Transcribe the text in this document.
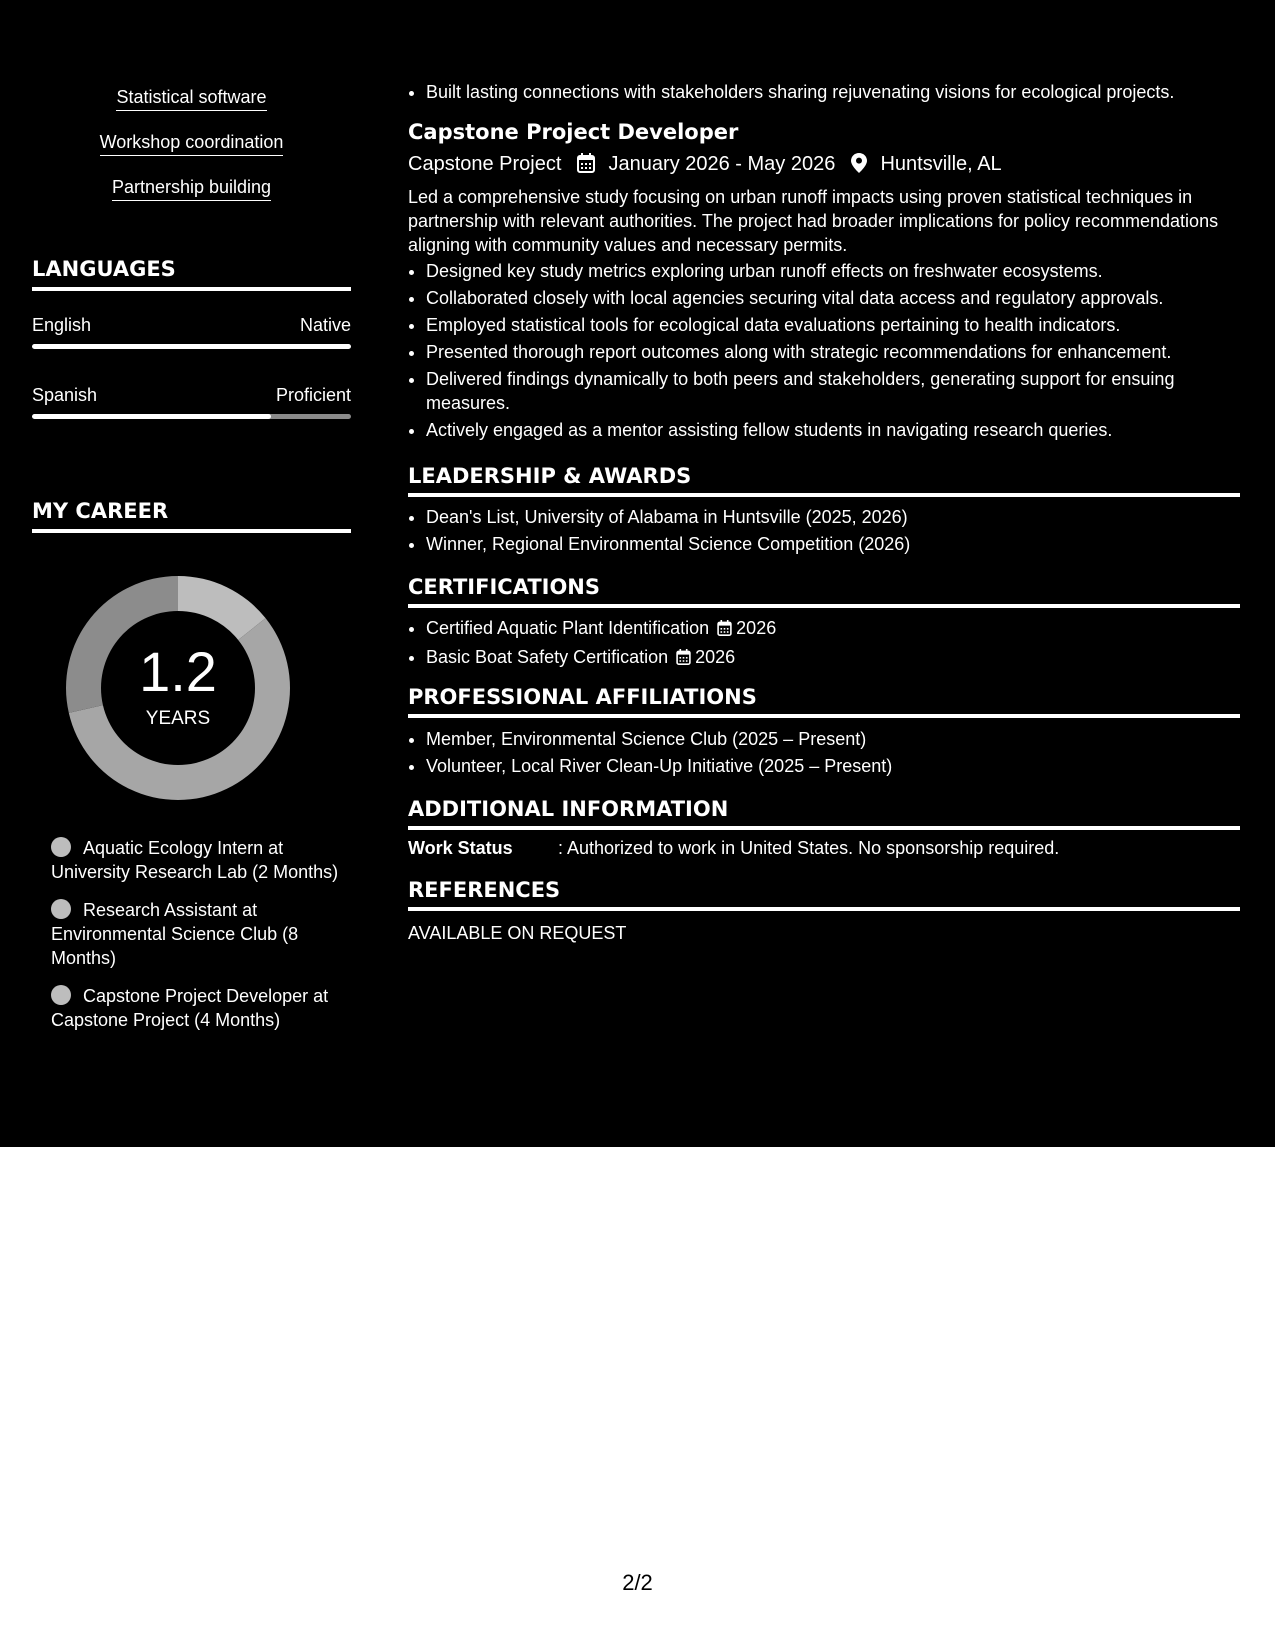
Statistical software
Workshop coordination
Partnership building
LANGUAGES
English	Native
Spanish	Proficient
MY CAREER
1.2
YEARS
Aquatic Ecology Intern at University Research Lab (2 Months)
Research Assistant at Environmental Science Club (8 Months)
Capstone Project Developer at Capstone Project (4 Months)
• Built lasting connections with stakeholders sharing rejuvenating visions for ecological projects.
Capstone Project Developer
Capstone Project January 2026 - May 2026 Huntsville, AL
Led a comprehensive study focusing on urban runoff impacts using proven statistical techniques in partnership with relevant authorities. The project had broader implications for policy recommendations aligning with community values and necessary permits.
• Designed key study metrics exploring urban runoff effects on freshwater ecosystems.
• Collaborated closely with local agencies securing vital data access and regulatory approvals.
• Employed statistical tools for ecological data evaluations pertaining to health indicators.
• Presented thorough report outcomes along with strategic recommendations for enhancement.
• Delivered findings dynamically to both peers and stakeholders, generating support for ensuing measures.
• Actively engaged as a mentor assisting fellow students in navigating research queries.
LEADERSHIP & AWARDS
• Dean's List, University of Alabama in Huntsville (2025, 2026)
• Winner, Regional Environmental Science Competition (2026)
CERTIFICATIONS
• Certified Aquatic Plant Identification 2026
• Basic Boat Safety Certification 2026
PROFESSIONAL AFFILIATIONS
• Member, Environmental Science Club (2025 – Present)
• Volunteer, Local River Clean-Up Initiative (2025 – Present)
ADDITIONAL INFORMATION
Work Status	: Authorized to work in United States. No sponsorship required.
REFERENCES
AVAILABLE ON REQUEST
2/2
